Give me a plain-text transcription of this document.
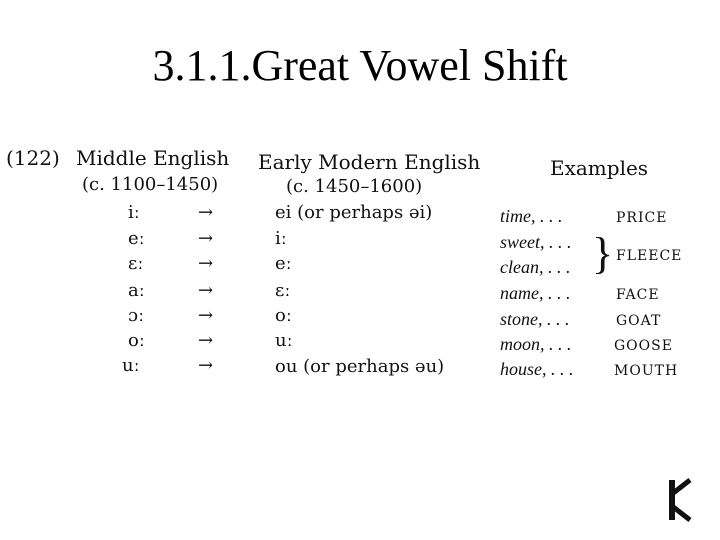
3.1.1.Great Vowel Shift
(122) Middle English
(c. 1100–1450)
Early Modern English
(c. 1450–1600)
Examples
iː	→	ei (or perhaps əi)	time, . . .	PRICE
eː	→	iː	sweet, . . .
ɛː	→	eː	clean, . . . } FLEECE
aː	→	ɛː	name, . . .	FACE
ɔː	→	oː	stone, . . .	GOAT
oː	→	uː	moon, . . .	GOOSE
uː	→	ou (or perhaps əu)	house, . . .	MOUTH
